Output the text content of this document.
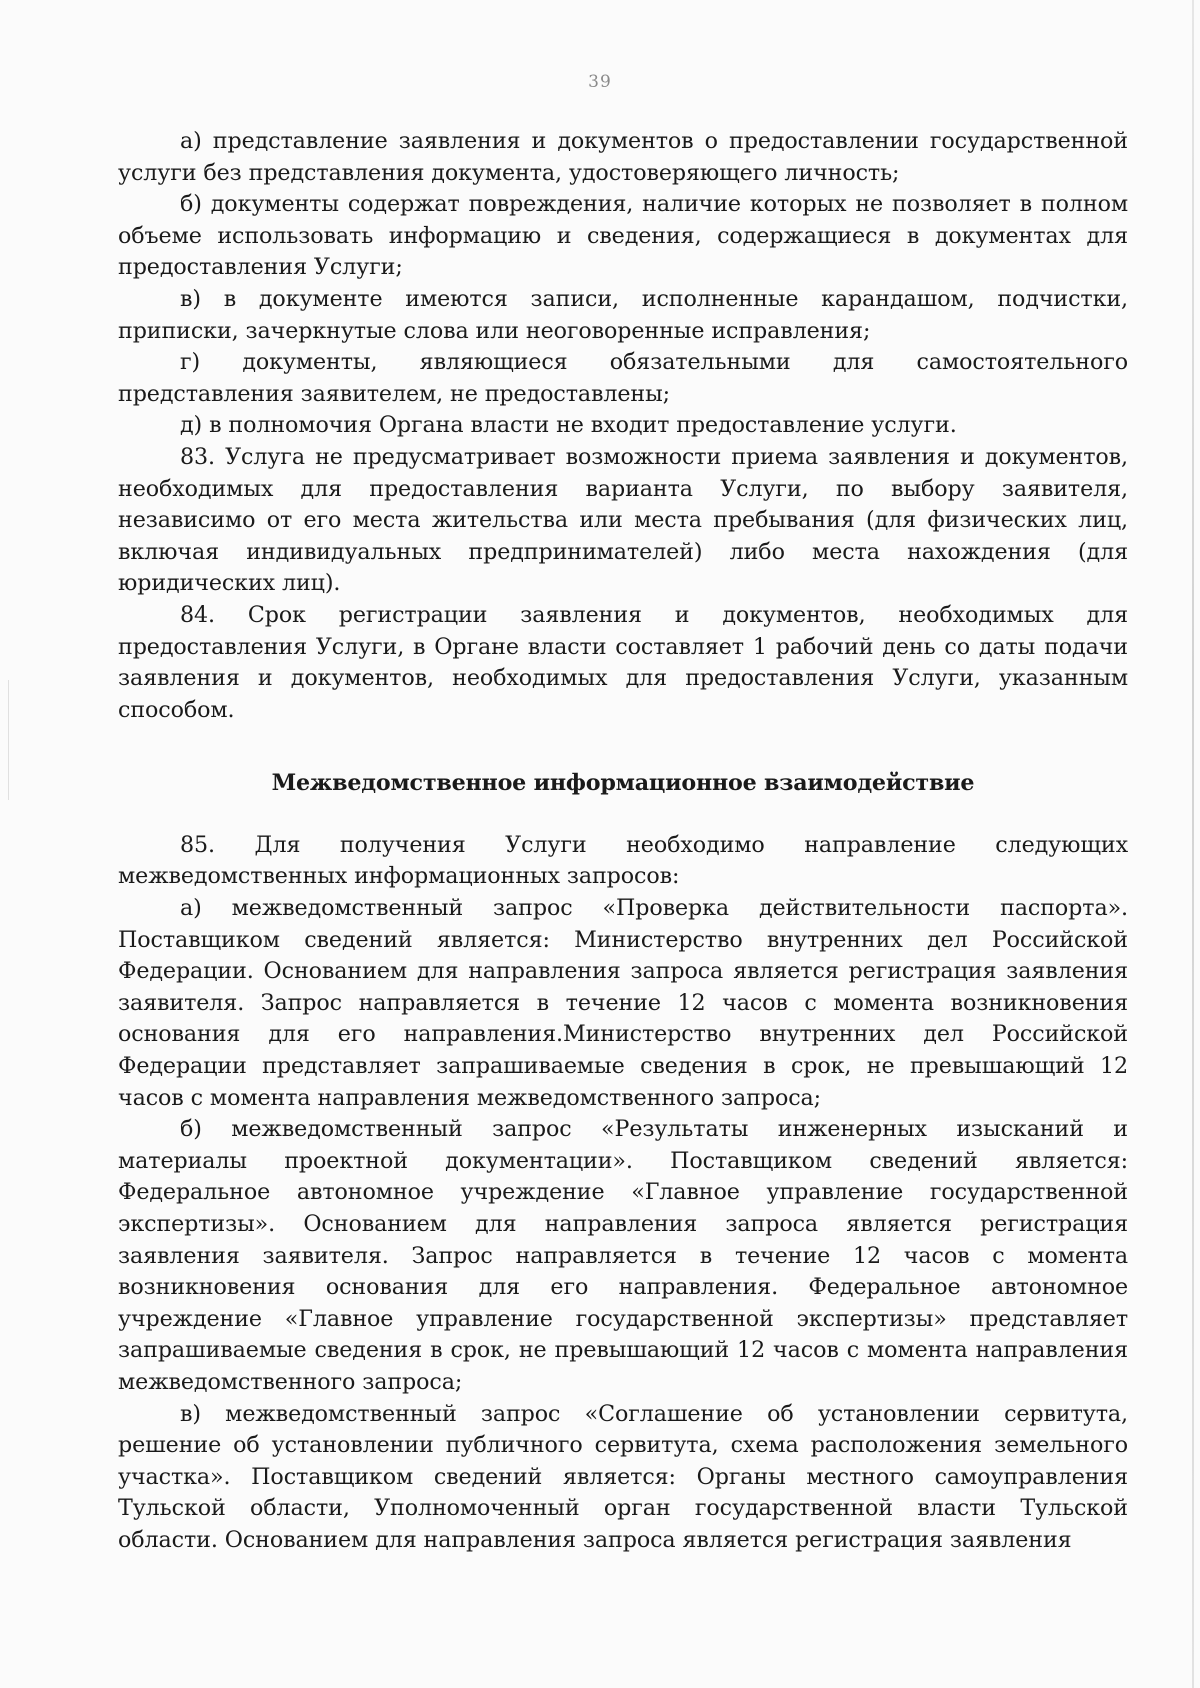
39

а) представление заявления и документов о предоставлении государственной услуги без представления документа, удостоверяющего личность;

б) документы содержат повреждения, наличие которых не позволяет в полном объеме использовать информацию и сведения, содержащиеся в документах для предоставления Услуги;

в) в документе имеются записи, исполненные карандашом, подчистки, приписки, зачеркнутые слова или неоговоренные исправления;

г) документы, являющиеся обязательными для самостоятельного представления заявителем, не предоставлены;

д) в полномочия Органа власти не входит предоставление услуги.

83. Услуга не предусматривает возможности приема заявления и документов, необходимых для предоставления варианта Услуги, по выбору заявителя, независимо от его места жительства или места пребывания (для физических лиц, включая индивидуальных предпринимателей) либо места нахождения (для юридических лиц).

84. Срок регистрации заявления и документов, необходимых для предоставления Услуги, в Органе власти составляет 1 рабочий день со даты подачи заявления и документов, необходимых для предоставления Услуги, указанным способом.

Межведомственное информационное взаимодействие

85. Для получения Услуги необходимо направление следующих межведомственных информационных запросов:

а) межведомственный запрос «Проверка действительности паспорта». Поставщиком сведений является: Министерство внутренних дел Российской Федерации. Основанием для направления запроса является регистрация заявления заявителя. Запрос направляется в течение 12 часов с момента возникновения основания для его направления.Министерство внутренних дел Российской Федерации представляет запрашиваемые сведения в срок, не превышающий 12 часов с момента направления межведомственного запроса;

б) межведомственный запрос «Результаты инженерных изысканий и материалы проектной документации». Поставщиком сведений является: Федеральное автономное учреждение «Главное управление государственной экспертизы». Основанием для направления запроса является регистрация заявления заявителя. Запрос направляется в течение 12 часов с момента возникновения основания для его направления. Федеральное автономное учреждение «Главное управление государственной экспертизы» представляет запрашиваемые сведения в срок, не превышающий 12 часов с момента направления межведомственного запроса;

в) межведомственный запрос «Соглашение об установлении сервитута, решение об установлении публичного сервитута, схема расположения земельного участка». Поставщиком сведений является: Органы местного самоуправления Тульской области, Уполномоченный орган государственной власти Тульской области. Основанием для направления запроса является регистрация заявления
